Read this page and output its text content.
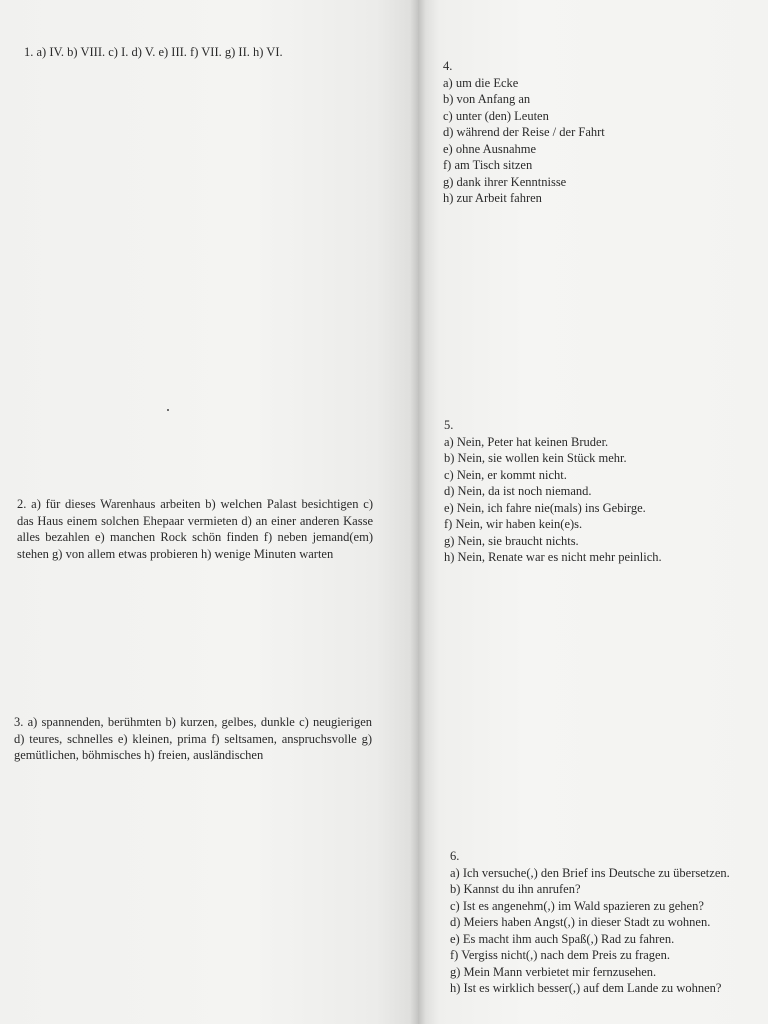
1. a) IV. b) VIII. c) I. d) V. e) III. f) VII. g) II. h) VI.

2. a) für dieses Warenhaus arbeiten b) welchen Palast besichtigen c) das Haus einem solchen Ehepaar vermieten d) an einer anderen Kasse alles bezahlen e) manchen Rock schön finden f) neben jemand(em) stehen g) von allem etwas probieren h) wenige Minuten warten

3. a) spannenden, berühmten b) kurzen, gelbes, dunkle c) neugierigen d) teures, schnelles e) kleinen, prima f) seltsamen, anspruchsvolle g) gemütlichen, böhmisches h) freien, ausländischen

4.

a) um die Ecke
b) von Anfang an
c) unter (den) Leuten
d) während der Reise / der Fahrt
e) ohne Ausnahme
f) am Tisch sitzen
g) dank ihrer Kenntnisse
h) zur Arbeit fahren

5.

a) Nein, Peter hat keinen Bruder.
b) Nein, sie wollen kein Stück mehr.
c) Nein, er kommt nicht.
d) Nein, da ist noch niemand.
e) Nein, ich fahre nie(mals) ins Gebirge.
f) Nein, wir haben kein(e)s.
g) Nein, sie braucht nichts.
h) Nein, Renate war es nicht mehr peinlich.

6.

a) Ich versuche(,) den Brief ins Deutsche zu übersetzen.
b) Kannst du ihn anrufen?
c) Ist es angenehm(,) im Wald spazieren zu gehen?
d) Meiers haben Angst(,) in dieser Stadt zu wohnen.
e) Es macht ihm auch Spaß(,) Rad zu fahren.
f) Vergiss nicht(,) nach dem Preis zu fragen.
g) Mein Mann verbietet mir fernzusehen.
h) Ist es wirklich besser(,) auf dem Lande zu wohnen?
